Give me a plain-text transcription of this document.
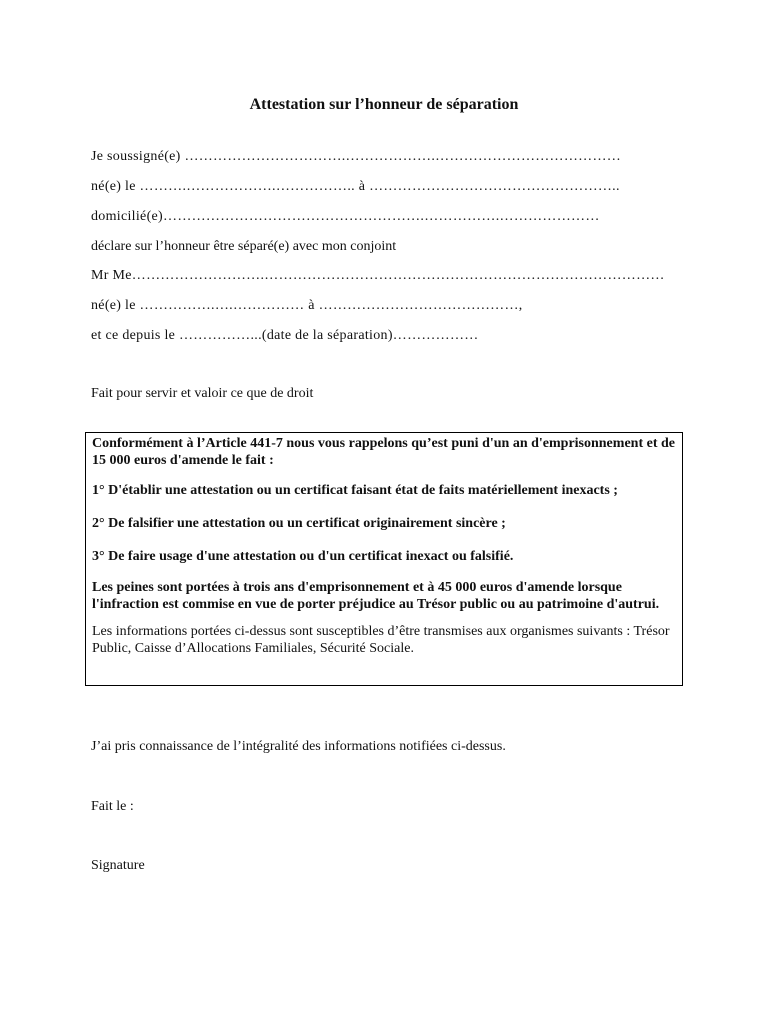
Attestation sur l’honneur de séparation
Je soussigné(e) …………………………….……………….…………………………………
né(e) le ……….……………….…………….. à ……………………………………………..
domicilié(e)……………………………………………….…………….…………………
déclare sur l’honneur être séparé(e) avec mon conjoint
Mr Me……………………….…………………………………………………………………………
né(e) le …………….….…………… à ……………………………………,
et ce depuis le ……………...(date de la séparation)………………
Fait pour servir et valoir ce que de droit

Conformément à l’Article 441-7 nous vous rappelons qu’est puni d'un an d'emprisonnement et de 15 000 euros d'amende le fait :

1° D'établir une attestation ou un certificat faisant état de faits matériellement inexacts ;

2° De falsifier une attestation ou un certificat originairement sincère ;

3° De faire usage d'une attestation ou d'un certificat inexact ou falsifié.

Les peines sont portées à trois ans d'emprisonnement et à 45 000 euros d'amende lorsque l'infraction est commise en vue de porter préjudice au Trésor public ou au patrimoine d'autrui.

Les informations portées ci-dessus sont susceptibles d’être transmises aux organismes suivants : Trésor Public, Caisse d’Allocations Familiales, Sécurité Sociale.

J’ai pris connaissance de l’intégralité des informations notifiées ci-dessus.
Fait le :
Signature
